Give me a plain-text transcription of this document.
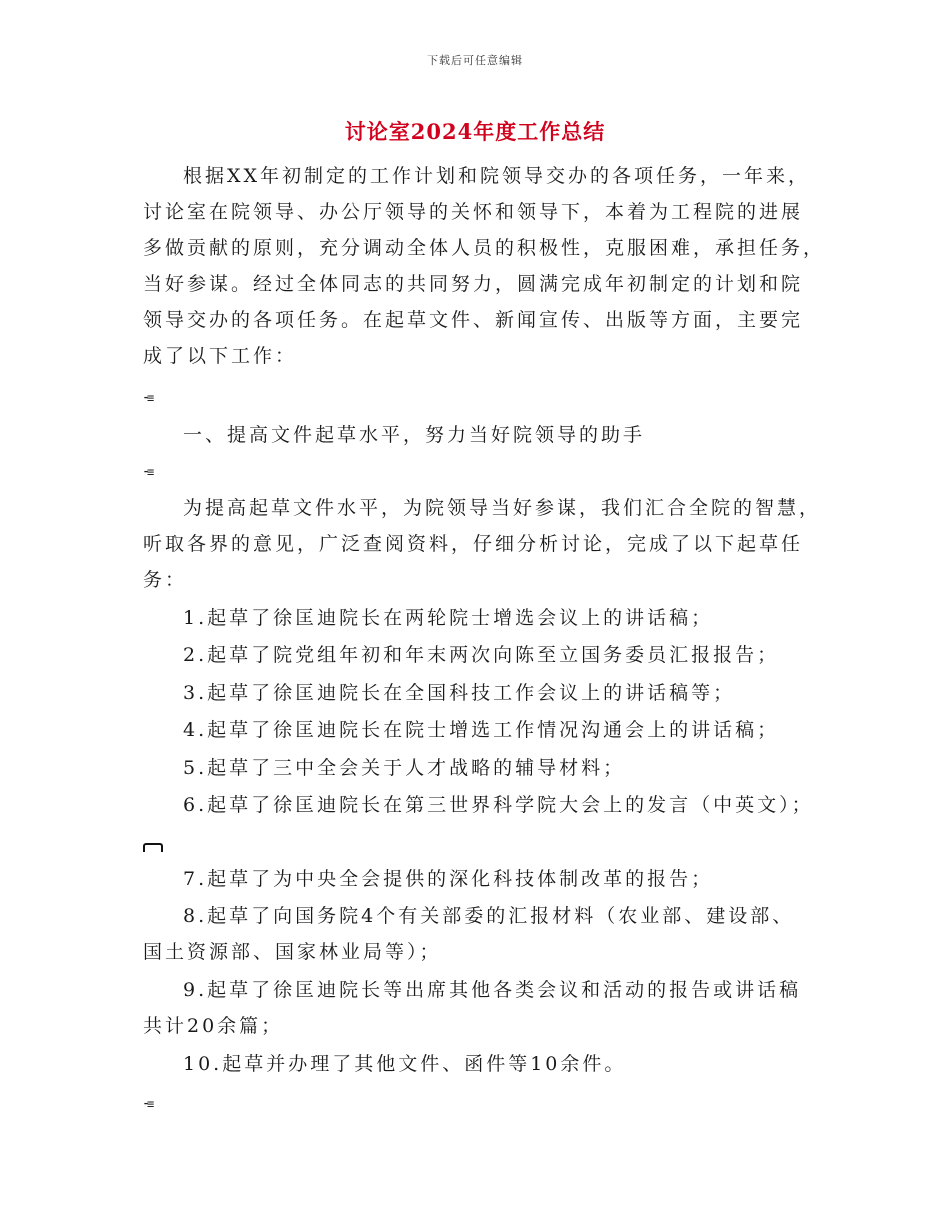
下载后可任意编辑
讨论室2024年度工作总结
根据XX年初制定的工作计划和院领导交办的各项任务，一年来，
讨论室在院领导、办公厅领导的关怀和领导下，本着为工程院的进展
多做贡献的原则，充分调动全体人员的积极性，克服困难，承担任务，
当好参谋。经过全体同志的共同努力，圆满完成年初制定的计划和院
领导交办的各项任务。在起草文件、新闻宣传、出版等方面，主要完
成了以下工作：
⁃≡
一、提高文件起草水平，努力当好院领导的助手
⁃≡
为提高起草文件水平，为院领导当好参谋，我们汇合全院的智慧，
听取各界的意见，广泛查阅资料，仔细分析讨论，完成了以下起草任
务：
1.起草了徐匡迪院长在两轮院士增选会议上的讲话稿；
2.起草了院党组年初和年末两次向陈至立国务委员汇报报告；
3.起草了徐匡迪院长在全国科技工作会议上的讲话稿等；
4.起草了徐匡迪院长在院士增选工作情况沟通会上的讲话稿；
5.起草了三中全会关于人才战略的辅导材料；
6.起草了徐匡迪院长在第三世界科学院大会上的发言（中英文）；
7.起草了为中央全会提供的深化科技体制改革的报告；
8.起草了向国务院4个有关部委的汇报材料（农业部、建设部、
国土资源部、国家林业局等）；
9.起草了徐匡迪院长等出席其他各类会议和活动的报告或讲话稿
共计20余篇；
10.起草并办理了其他文件、函件等10余件。
⁃≡
